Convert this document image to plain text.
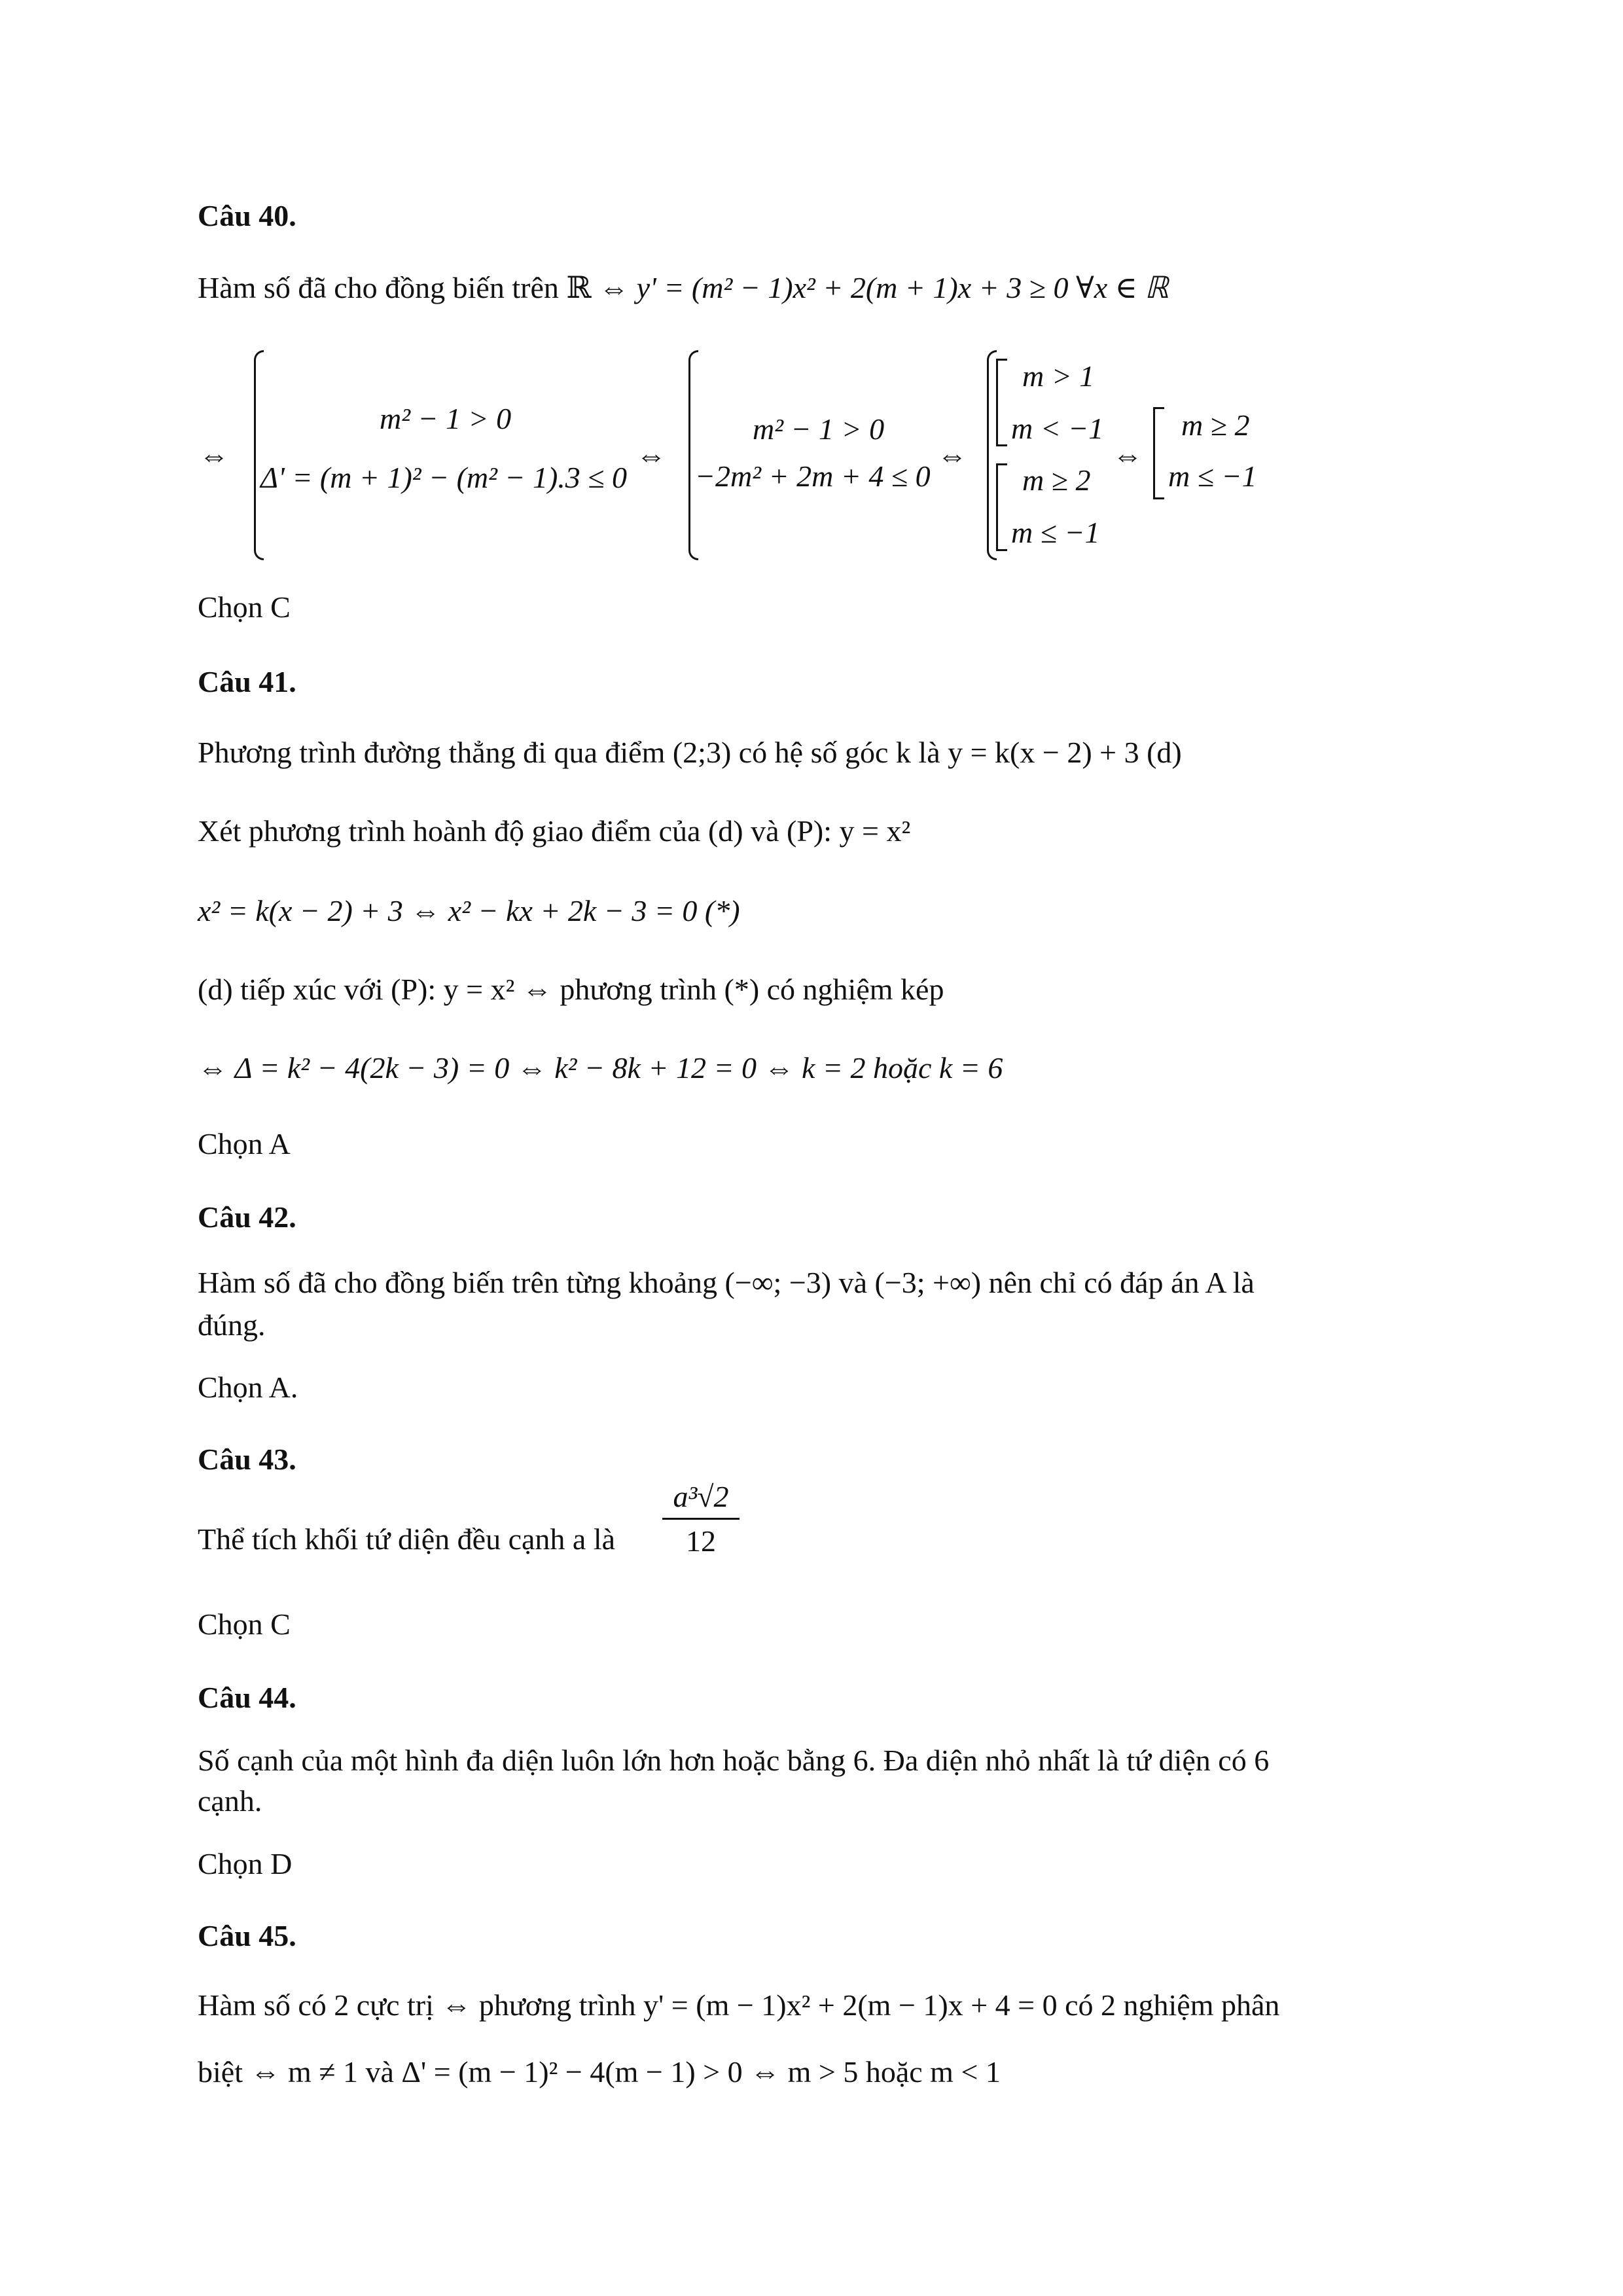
Câu 40.
Hàm số đã cho đồng biến trên ℝ ⇔ y' = (m² − 1)x² + 2(m + 1)x + 3 ≥ 0 ∀x ∈ ℝ
⇔
m² − 1 > 0
Δ' = (m + 1)² − (m² − 1).3 ≤ 0
⇔
m² − 1 > 0
−2m² + 2m + 4 ≤ 0
⇔
m > 1
m < −1
m ≥ 2
m ≤ −1
⇔
m ≥ 2
m ≤ −1
Chọn C
Câu 41.
Phương trình đường thẳng đi qua điểm (2;3) có hệ số góc k là y = k(x − 2) + 3 (d)
Xét phương trình hoành độ giao điểm của (d) và (P): y = x²
x² = k(x − 2) + 3 ⇔ x² − kx + 2k − 3 = 0 (*)
(d) tiếp xúc với (P): y = x² ⇔ phương trình (*) có nghiệm kép
⇔ Δ = k² − 4(2k − 3) = 0 ⇔ k² − 8k + 12 = 0 ⇔ k = 2 hoặc k = 6
Chọn A
Câu 42.
Hàm số đã cho đồng biến trên từng khoảng (−∞; −3) và (−3; +∞) nên chỉ có đáp án A là
đúng.
Chọn A.
Câu 43.
Thể tích khối tứ diện đều cạnh a là
a³√2
12
Chọn C
Câu 44.
Số cạnh của một hình đa diện luôn lớn hơn hoặc bằng 6. Đa diện nhỏ nhất là tứ diện có 6
cạnh.
Chọn D
Câu 45.
Hàm số có 2 cực trị ⇔ phương trình y' = (m − 1)x² + 2(m − 1)x + 4 = 0 có 2 nghiệm phân
biệt ⇔ m ≠ 1 và Δ' = (m − 1)² − 4(m − 1) > 0 ⇔ m > 5 hoặc m < 1
